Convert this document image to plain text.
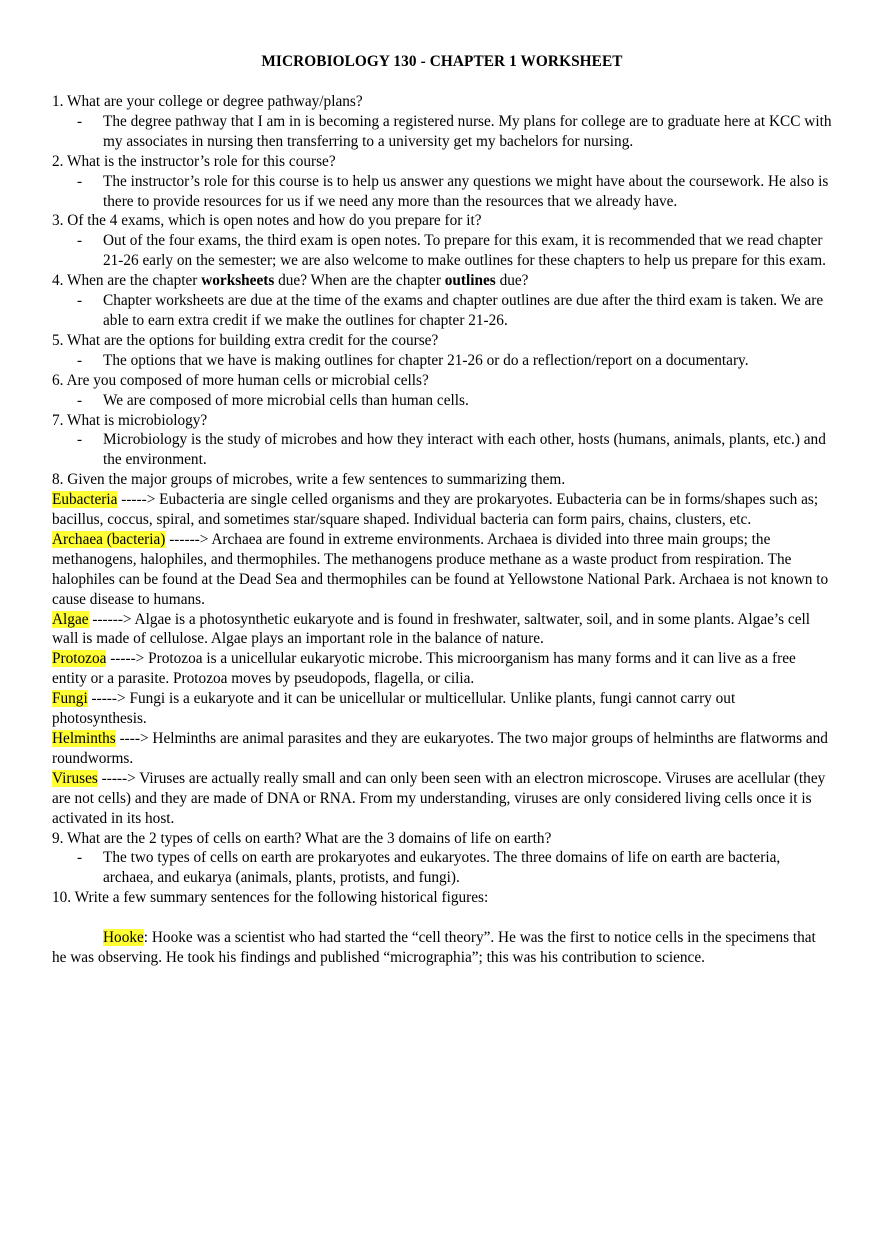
MICROBIOLOGY 130 - CHAPTER 1 WORKSHEET

1. What are your college or degree pathway/plans?

-	The degree pathway that I am in is becoming a registered nurse. My plans for college are to graduate here at KCC with my associates in nursing then transferring to a university get my bachelors for nursing.

2. What is the instructor’s role for this course?

-	The instructor’s role for this course is to help us answer any questions we might have about the coursework. He also is there to provide resources for us if we need any more than the resources that we already have.

3. Of the 4 exams, which is open notes and how do you prepare for it?

-	Out of the four exams, the third exam is open notes. To prepare for this exam, it is recommended that we read chapter 21-26 early on the semester; we are also welcome to make outlines for these chapters to help us prepare for this exam.

4. When are the chapter worksheets due? When are the chapter outlines due?

-	Chapter worksheets are due at the time of the exams and chapter outlines are due after the third exam is taken. We are able to earn extra credit if we make the outlines for chapter 21-26.

5. What are the options for building extra credit for the course?

-	The options that we have is making outlines for chapter 21-26 or do a reflection/report on a documentary.

6. Are you composed of more human cells or microbial cells?

-	We are composed of more microbial cells than human cells.

7. What is microbiology?

-	Microbiology is the study of microbes and how they interact with each other, hosts (humans, animals, plants, etc.) and the environment.

8. Given the major groups of microbes, write a few sentences to summarizing them.

Eubacteria -----> Eubacteria are single celled organisms and they are prokaryotes. Eubacteria can be in forms/shapes such as; bacillus, coccus, spiral, and sometimes star/square shaped. Individual bacteria can form pairs, chains, clusters, etc.

Archaea (bacteria) ------> Archaea are found in extreme environments. Archaea is divided into three main groups; the methanogens, halophiles, and thermophiles. The methanogens produce methane as a waste product from respiration. The halophiles can be found at the Dead Sea and thermophiles can be found at Yellowstone National Park. Archaea is not known to cause disease to humans.

Algae ------> Algae is a photosynthetic eukaryote and is found in freshwater, saltwater, soil, and in some plants. Algae’s cell wall is made of cellulose. Algae plays an important role in the balance of nature.

Protozoa -----> Protozoa is a unicellular eukaryotic microbe. This microorganism has many forms and it can live as a free entity or a parasite. Protozoa moves by pseudopods, flagella, or cilia.

Fungi -----> Fungi is a eukaryote and it can be unicellular or multicellular. Unlike plants, fungi cannot carry out photosynthesis.

Helminths ----> Helminths are animal parasites and they are eukaryotes. The two major groups of helminths are flatworms and roundworms.

Viruses -----> Viruses are actually really small and can only been seen with an electron microscope. Viruses are acellular (they are not cells) and they are made of DNA or RNA. From my understanding, viruses are only considered living cells once it is activated in its host.

9. What are the 2 types of cells on earth? What are the 3 domains of life on earth?

-	The two types of cells on earth are prokaryotes and eukaryotes. The three domains of life on earth are bacteria, archaea, and eukarya (animals, plants, protists, and fungi).

10. Write a few summary sentences for the following historical figures:

Hooke: Hooke was a scientist who had started the “cell theory”. He was the first to notice cells in the specimens that he was observing. He took his findings and published “micrographia”; this was his contribution to science.
